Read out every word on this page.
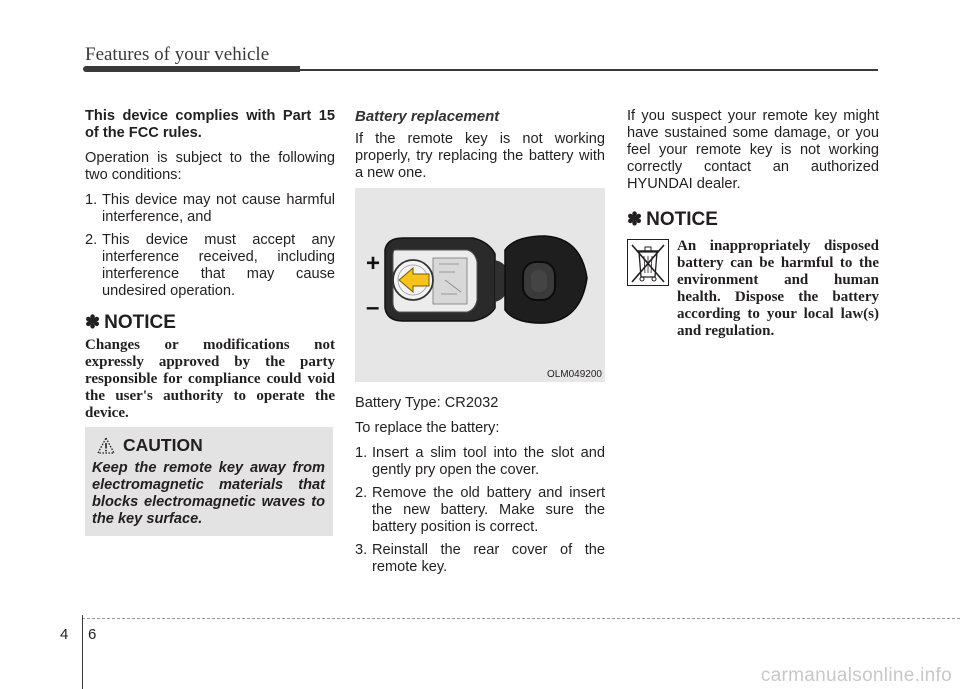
Features of your vehicle

This device complies with Part 15 of the FCC rules.

Operation is subject to the following two conditions:

1. This device may not cause harmful interference, and
2. This device must accept any interference received, including interference that may cause undesired operation.
✽ NOTICE

Changes or modifications not expressly approved by the party responsible for compliance could void the user's authority to operate the device.

CAUTION
Keep the remote key away from electromagnetic materials that blocks electromagnetic waves to the key surface.
Battery replacement

If the remote key is not working properly, try replacing the battery with a new one.

+
–
OLM049200

Battery Type: CR2032

To replace the battery:

1. Insert a slim tool into the slot and gently pry open the cover.
2. Remove the old battery and insert the new battery. Make sure the battery position is correct.
3. Reinstall the rear cover of the remote key.

If you suspect your remote key might have sustained some damage, or you feel your remote key is not working correctly contact an authorized HYUNDAI dealer.

✽ NOTICE
An inappropriately disposed battery can be harmful to the environment and human health. Dispose the battery according to your local law(s) and regulation.
4 6
carmanualsonline.info
